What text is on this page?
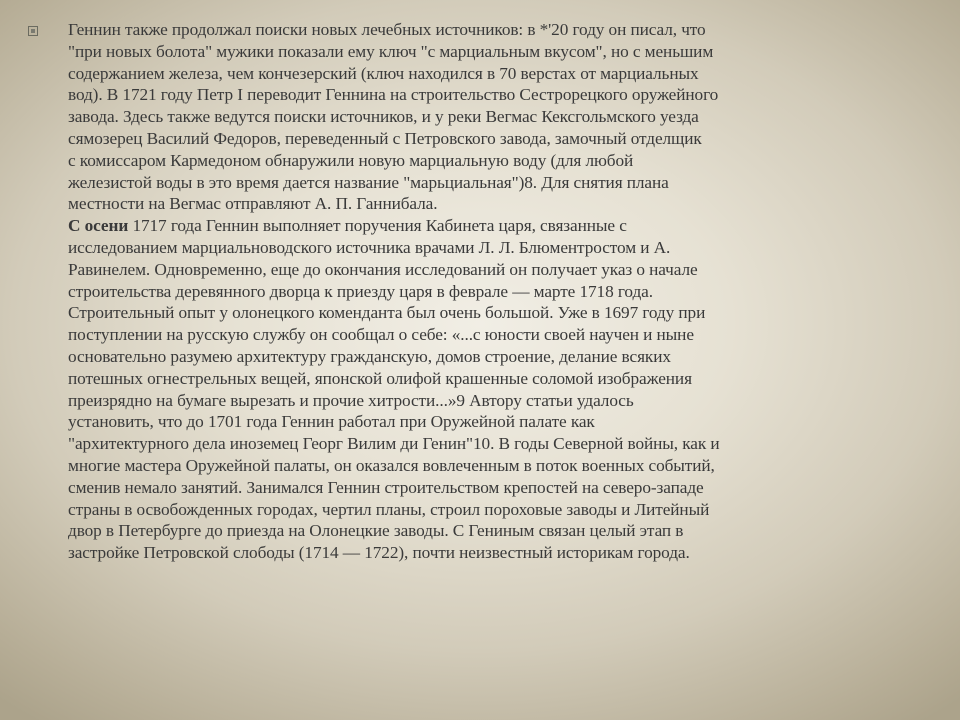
Геннин также продолжал поиски новых лечебных источников: в *'20 году он писал, что
"при новых болота" мужики показали ему ключ "с марциальным вкусом", но с меньшим
содержанием железа, чем кончезерский (ключ находился в 70 верстах от марциальных
вод). В 1721 году Петр I переводит Геннина на строительство Сестрорецкого оружейного
завода. Здесь также ведутся поиски источников, и у реки Вегмас Кексгольмского уезда
сямозерец Василий Федоров, переведенный с Петровского завода, замочный отделщик
с комиссаром Кармедоном обнаружили новую марциальную воду (для любой
железистой воды в это время дается название "марьциальная")8. Для снятия плана
местности на Вегмас отправляют А. П. Ганнибала.
С осени 1717 года Геннин выполняет поручения Кабинета царя, связанные с
исследованием марциальноводского источника врачами Л. Л. Блюментростом и А.
Равинелем. Одновременно, еще до окончания исследований он получает указ о начале
строительства деревянного дворца к приезду царя в феврале — марте 1718 года.
Строительный опыт у олонецкого коменданта был очень большой. Уже в 1697 году при
поступлении на русскую службу он сообщал о себе: «...с юности своей научен и ныне
основательно разумею архитектуру гражданскую, домов строение, делание всяких
потешных огнестрельных вещей, японской олифой крашенные соломой изображения
преизрядно на бумаге вырезать и прочие хитрости...»9 Автору статьи удалось
установить, что до 1701 года Геннин работал при Оружейной палате как
"архитектурного дела иноземец Георг Вилим ди Генин"10. В годы Северной войны, как и
многие мастера Оружейной палаты, он оказался вовлеченным в поток военных событий,
сменив немало занятий. Занимался Геннин строительством крепостей на северо-западе
страны в освобожденных городах, чертил планы, строил пороховые заводы и Литейный
двор в Петербурге до приезда на Олонецкие заводы. С Гениным связан целый этап в
застройке Петровской слободы (1714 — 1722), почти неизвестный историкам города.
